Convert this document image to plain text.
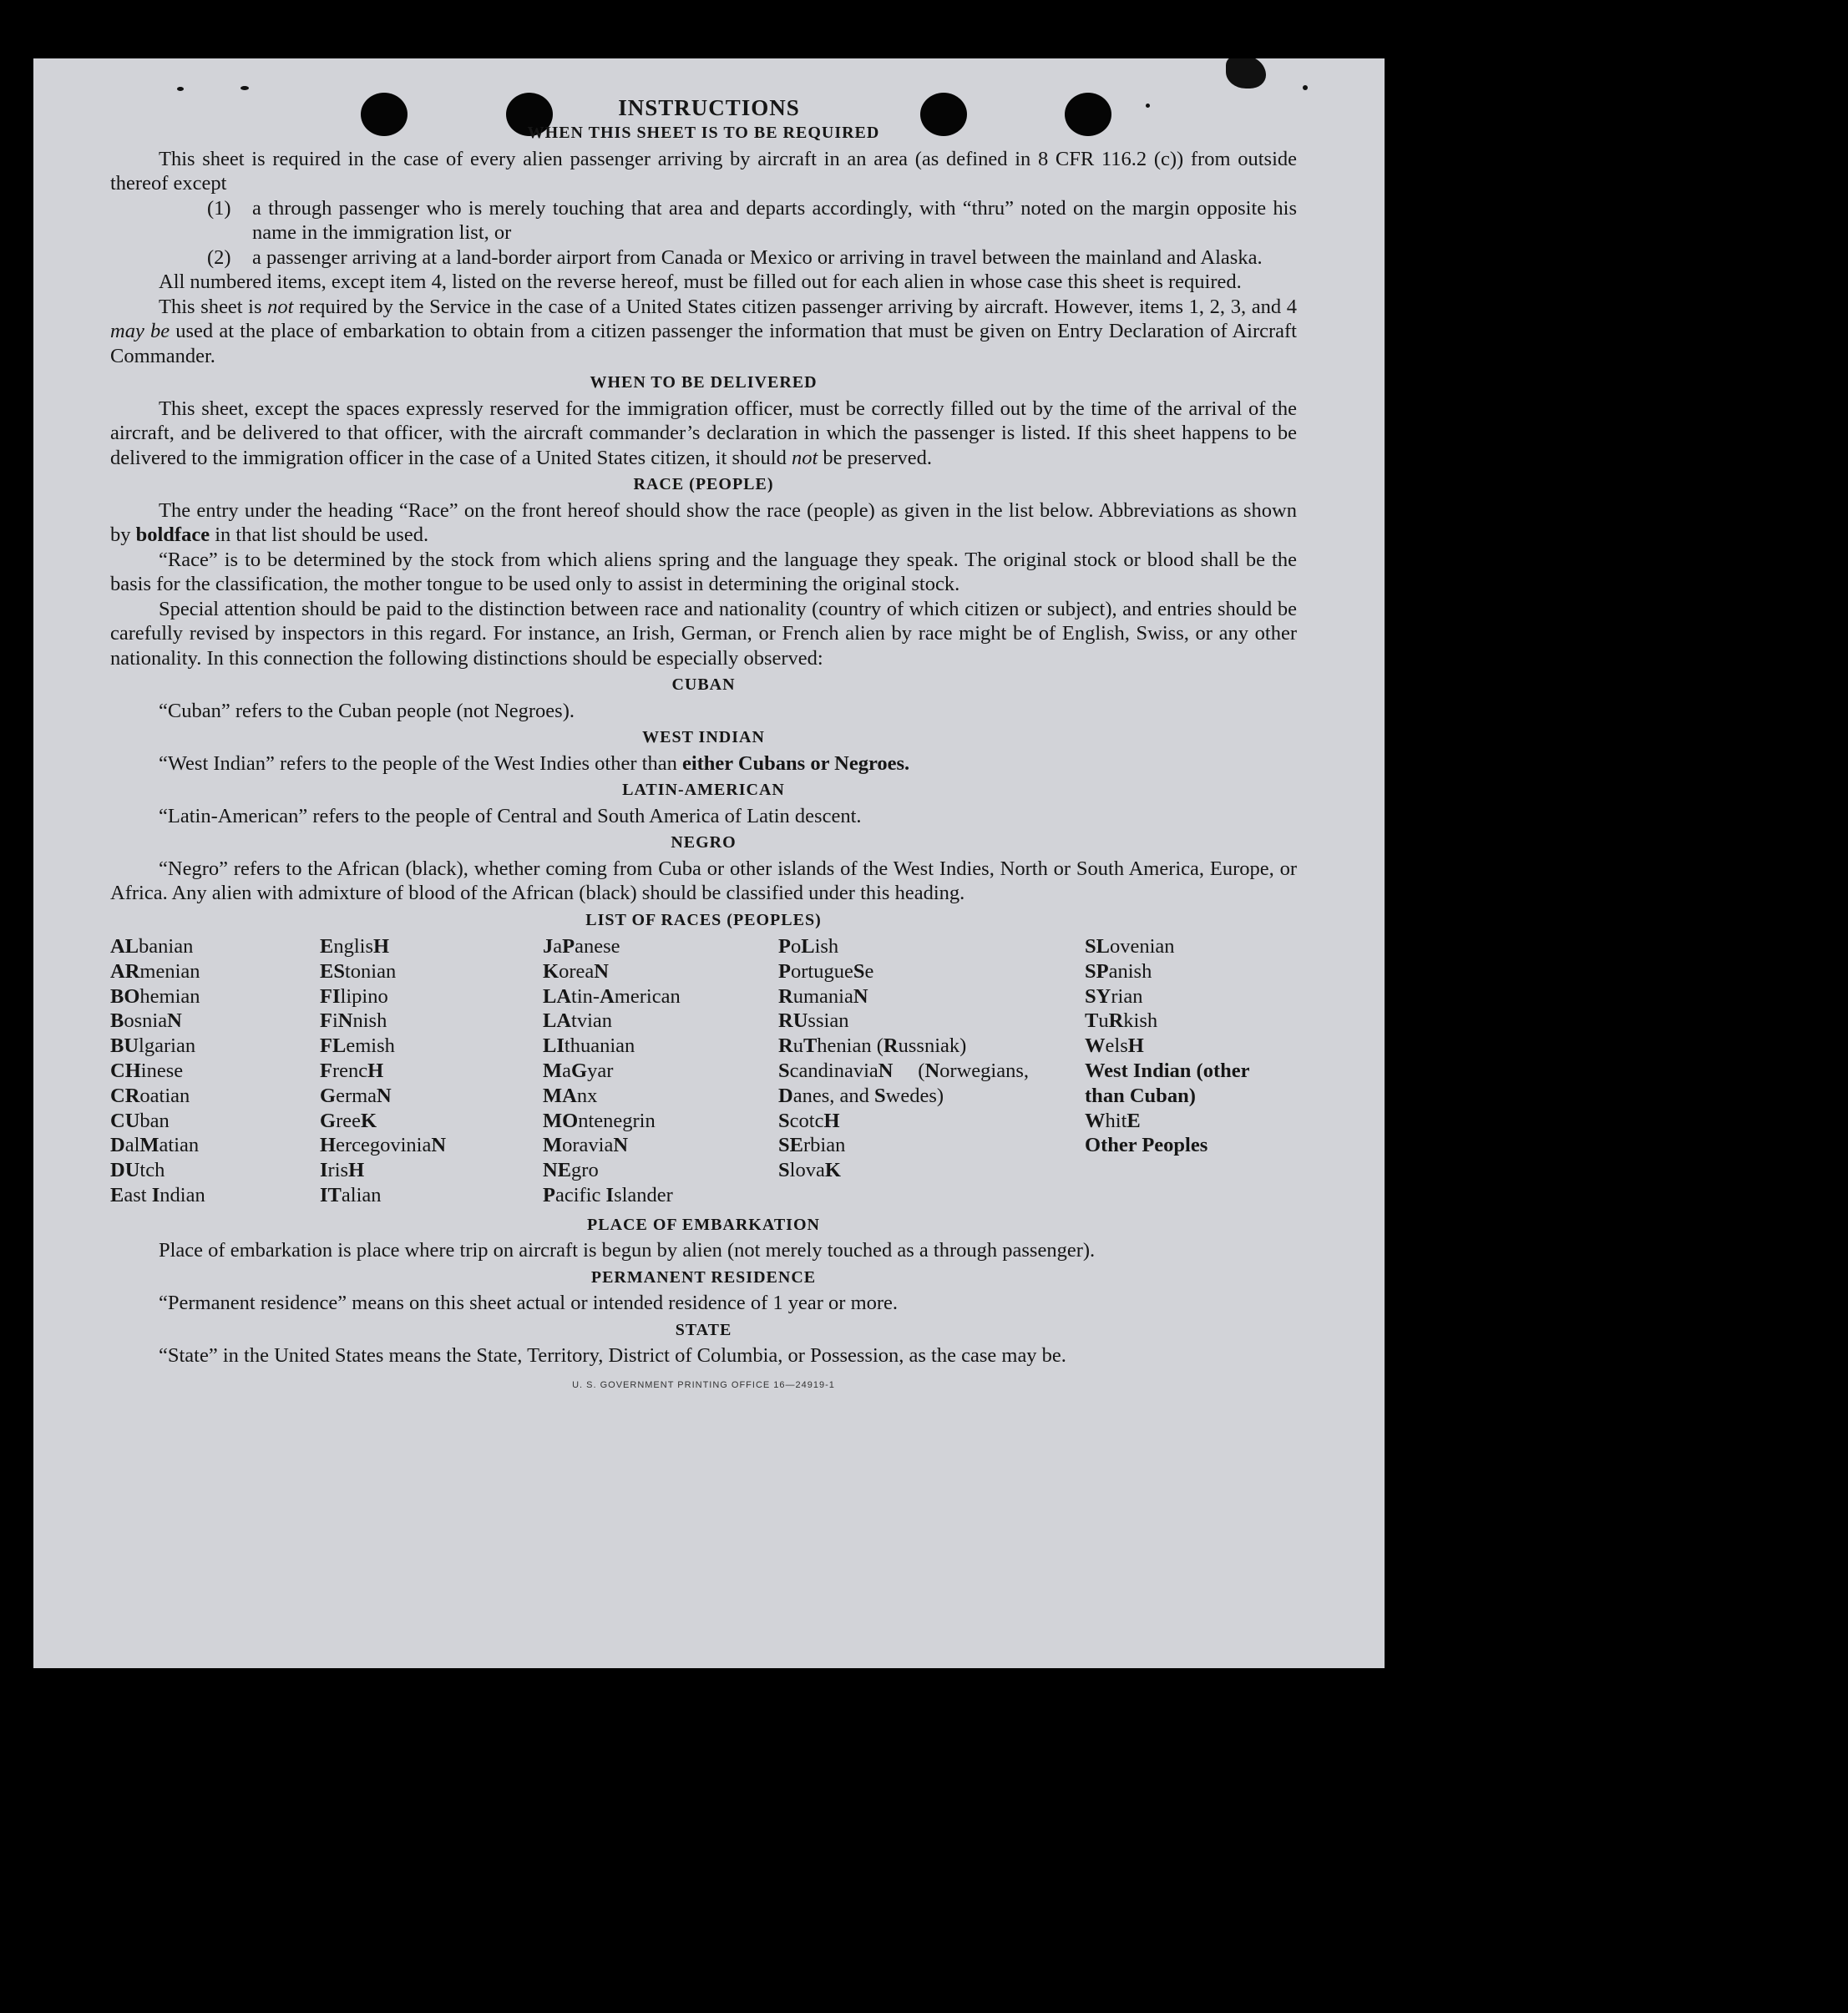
INSTRUCTIONS
WHEN THIS SHEET IS TO BE REQUIRED

This sheet is required in the case of every alien passenger arriving by aircraft in an area (as defined in 8 CFR 116.2 (c)) from outside thereof except

(1)	a through passenger who is merely touching that area and departs accordingly, with “thru” noted on the margin opposite his name in the immigration list, or
(2)	a passenger arriving at a land-border airport from Canada or Mexico or arriving in travel between the mainland and Alaska.

All numbered items, except item 4, listed on the reverse hereof, must be filled out for each alien in whose case this sheet is required.

This sheet is not required by the Service in the case of a United States citizen passenger arriving by aircraft. However, items 1, 2, 3, and 4 may be used at the place of embarkation to obtain from a citizen passenger the information that must be given on Entry Declaration of Aircraft Commander.

WHEN TO BE DELIVERED

This sheet, except the spaces expressly reserved for the immigration officer, must be correctly filled out by the time of the arrival of the aircraft, and be delivered to that officer, with the aircraft commander’s declaration in which the passenger is listed. If this sheet happens to be delivered to the immigration officer in the case of a United States citizen, it should not be preserved.

RACE (PEOPLE)

The entry under the heading “Race” on the front hereof should show the race (people) as given in the list below. Abbreviations as shown by boldface in that list should be used.

“Race” is to be determined by the stock from which aliens spring and the language they speak. The original stock or blood shall be the basis for the classification, the mother tongue to be used only to assist in determining the original stock.

Special attention should be paid to the distinction between race and nationality (country of which citizen or subject), and entries should be carefully revised by inspectors in this regard. For instance, an Irish, German, or French alien by race might be of English, Swiss, or any other nationality. In this connection the following distinctions should be especially observed:

CUBAN

“Cuban” refers to the Cuban people (not Negroes).

WEST INDIAN

“West Indian” refers to the people of the West Indies other than either Cubans or Negroes.

LATIN-AMERICAN

“Latin-American” refers to the people of Central and South America of Latin descent.

NEGRO

“Negro” refers to the African (black), whether coming from Cuba or other islands of the West Indies, North or South America, Europe, or Africa. Any alien with admixture of blood of the African (black) should be classified under this heading.

LIST OF RACES (PEOPLES)
ALbanian
ARmenian
BOhemian
BosniaN
BUlgarian
CHinese
CRoatian
CUban
DalMatian
DUtch
East Indian
EnglisH
EStonian
FIlipino
FiNnish
FLemish
FrencH
GermaN
GreeK
HercegoviniaN
IrisH
ITalian
JaPanese
KoreaN
LAtin-American
LAtvian
LIthuanian
MaGyar
MAnx
MOntenegrin
MoraviaN
NEgro
Pacific Islander
PoLish
PortugueSe
RumaniaN
RUssian
RuThenian (Russniak)
ScandinaviaN (Norwegians, Danes, and Swedes)
ScotcH
SErbian
SlovaK
SLovenian
SPanish
SYrian
TuRkish
WelsH
West Indian (other than Cuban)
WhitE
Other Peoples
PLACE OF EMBARKATION

Place of embarkation is place where trip on aircraft is begun by alien (not merely touched as a through passenger).

PERMANENT RESIDENCE

“Permanent residence” means on this sheet actual or intended residence of 1 year or more.

STATE

“State” in the United States means the State, Territory, District of Columbia, or Possession, as the case may be.

U. S. GOVERNMENT PRINTING OFFICE 16—24919-1
